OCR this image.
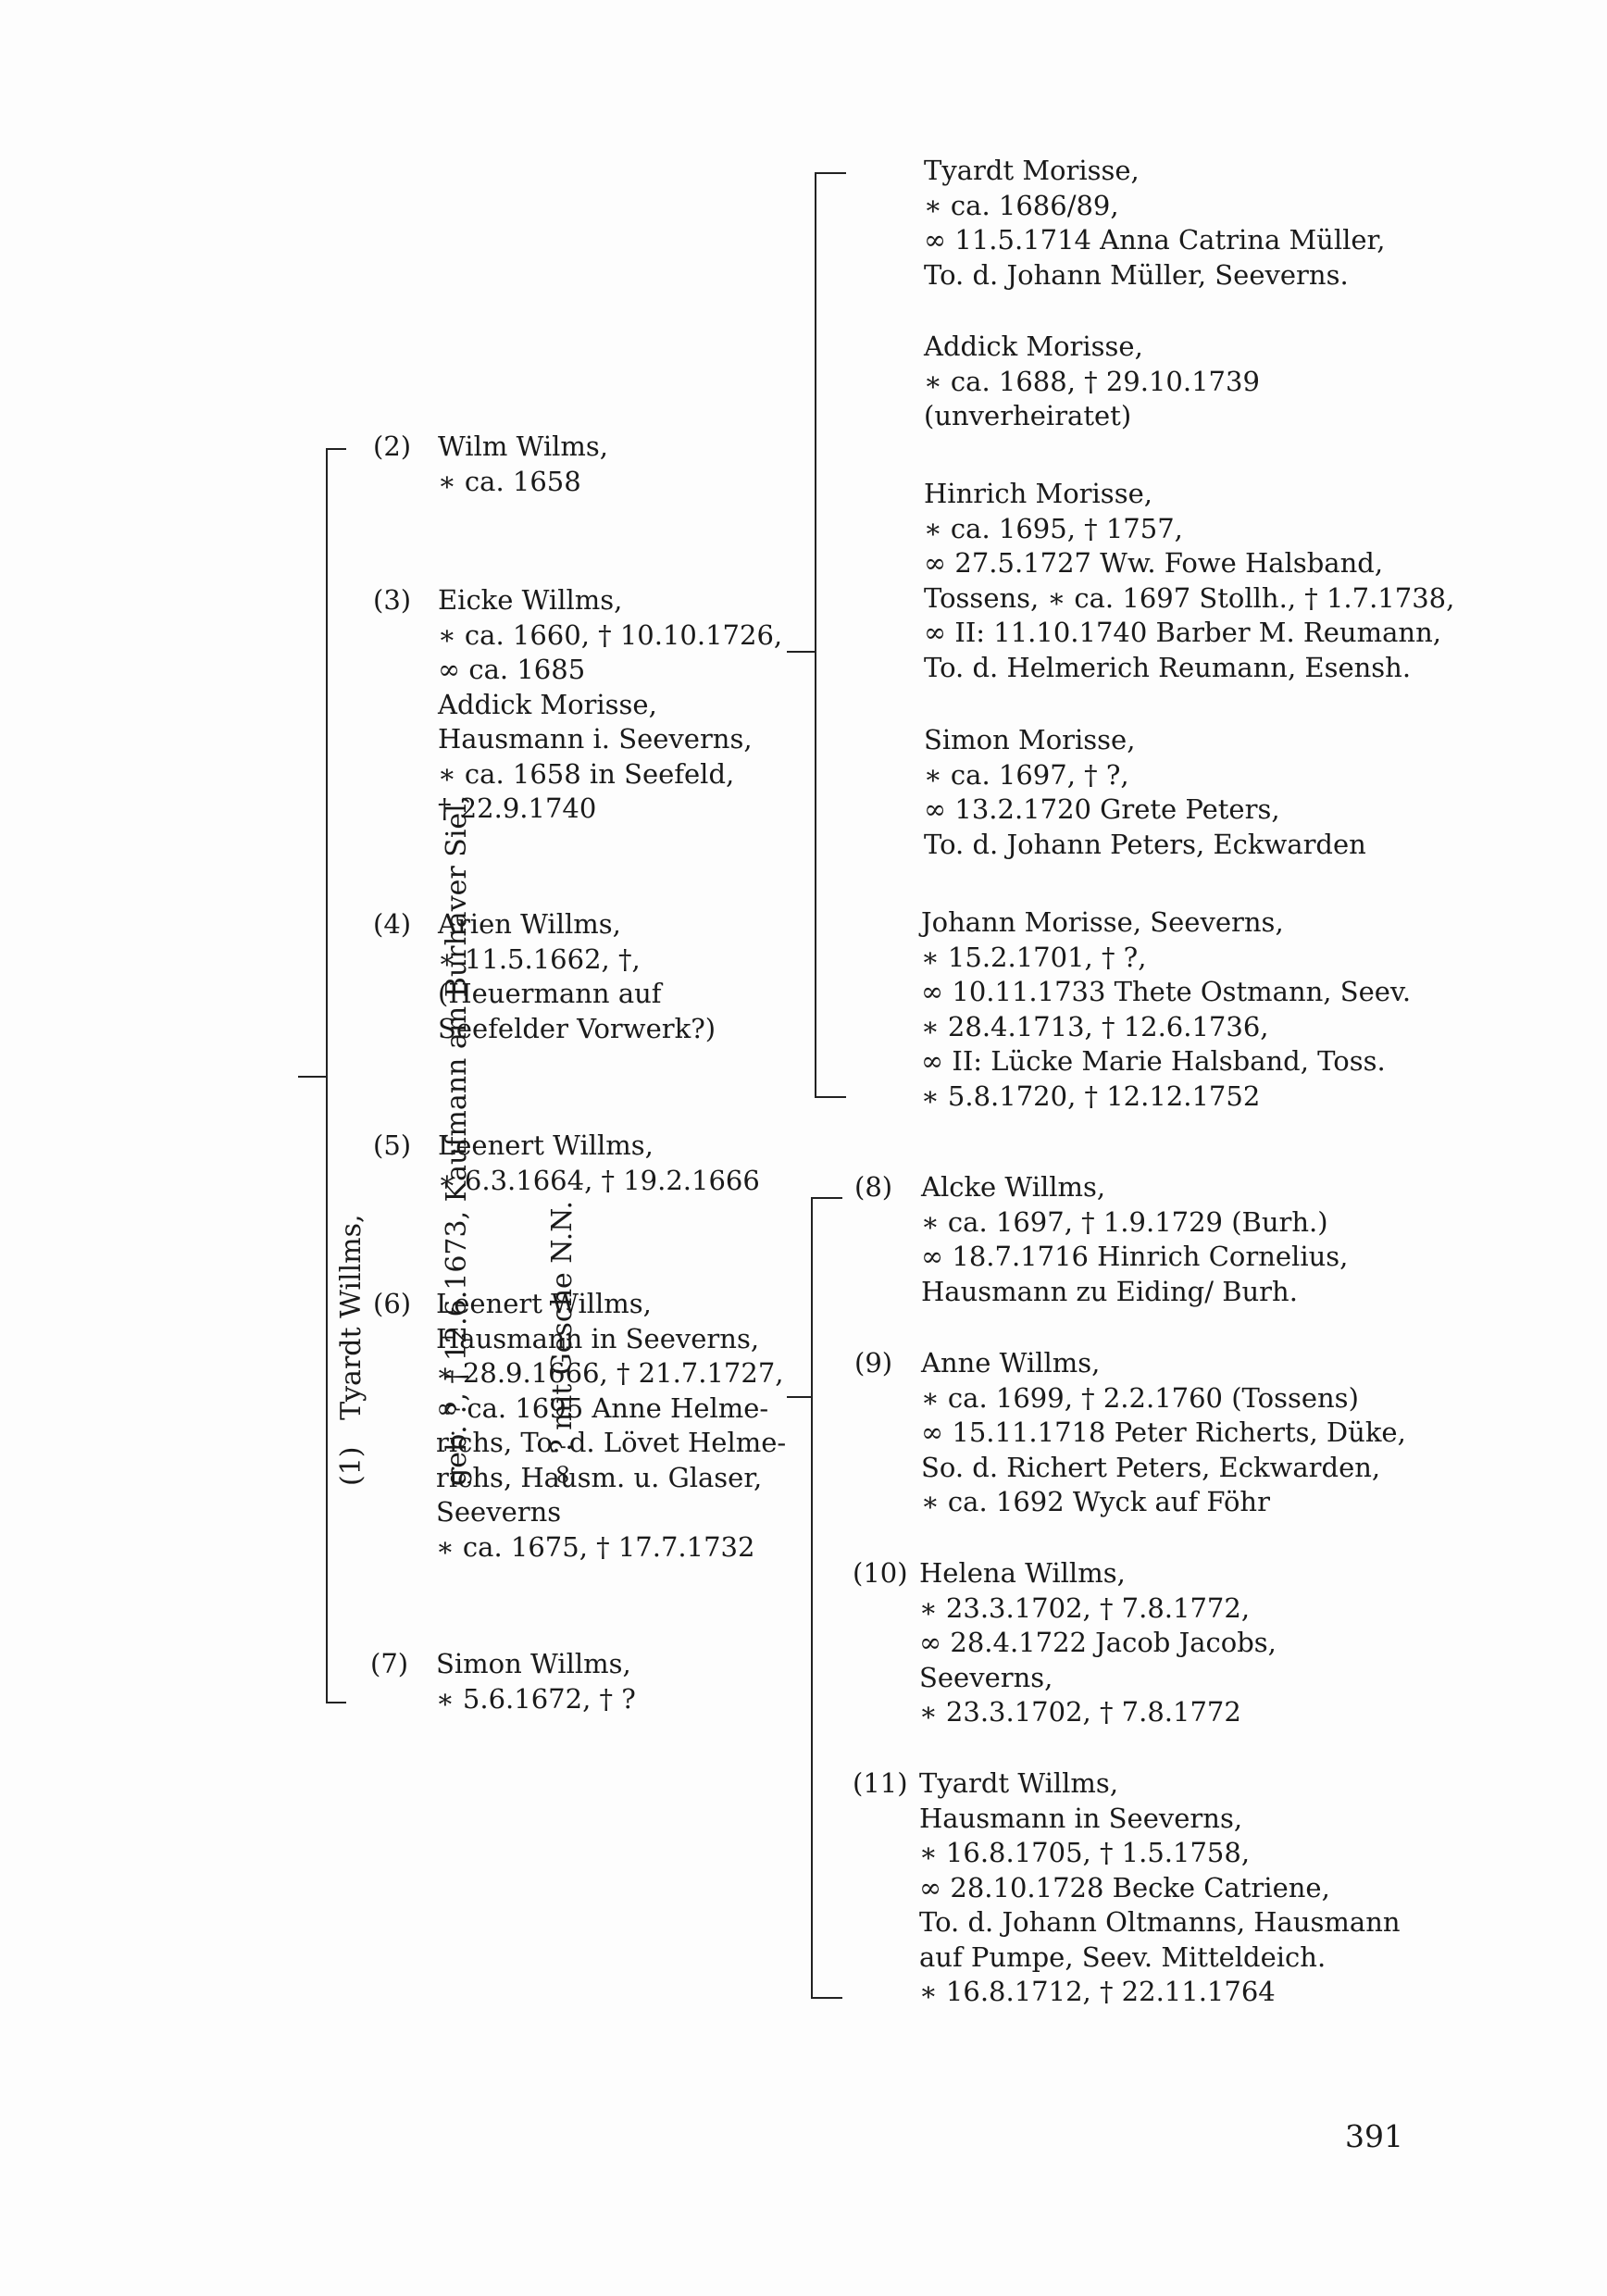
(1)   Tyardt Willms,

	geb. ?, † 12.6.1673, Kaufmann am Burhaver Siel,

	∞ ? mit Gesche N.N.

(2) Wilm Wilms,
∗ ca. 1658
(3) Eicke Willms,
∗ ca. 1660, † 10.10.1726,
∞ ca. 1685
Addick Morisse,
Hausmann i. Seeverns,
∗ ca. 1658 in Seefeld,
† 22.9.1740
(4) Arien Willms,
∗ 11.5.1662, †,
(Heuermann auf
Seefelder Vorwerk?)
(5) Leenert Willms,
∗ 6.3.1664, † 19.2.1666
(6) Leenert Willms,
Hausmann in Seeverns,
∗ 28.9.1666, † 21.7.1727,
∞ ca. 1695 Anne Helme-
richs, To. d. Lövet Helme-
richs, Hausm. u. Glaser,
Seeverns
∗ ca. 1675, † 17.7.1732
(7) Simon Willms,
∗ 5.6.1672, † ?
Tyardt Morisse,
∗ ca. 1686/89,
∞ 11.5.1714 Anna Catrina Müller,
To. d. Johann Müller, Seeverns.
Addick Morisse,
∗ ca. 1688, † 29.10.1739
(unverheiratet)
Hinrich Morisse,
∗ ca. 1695, † 1757,
∞ 27.5.1727 Ww. Fowe Halsband,
Tossens, ∗ ca. 1697 Stollh., † 1.7.1738,
∞ II: 11.10.1740 Barber M. Reumann,
To. d. Helmerich Reumann, Esensh.
Simon Morisse,
∗ ca. 1697, † ?,
∞ 13.2.1720 Grete Peters,
To. d. Johann Peters, Eckwarden
Johann Morisse, Seeverns,
∗ 15.2.1701, † ?,
∞ 10.11.1733 Thete Ostmann, Seev.
∗ 28.4.1713, † 12.6.1736,
∞ II: Lücke Marie Halsband, Toss.
∗ 5.8.1720, † 12.12.1752
(8) Alcke Willms,
∗ ca. 1697, † 1.9.1729 (Burh.)
∞ 18.7.1716 Hinrich Cornelius,
Hausmann zu Eiding/ Burh.
(9) Anne Willms,
∗ ca. 1699, † 2.2.1760 (Tossens)
∞ 15.11.1718 Peter Richerts, Düke,
So. d. Richert Peters, Eckwarden,
∗ ca. 1692 Wyck auf Föhr
(10) Helena Willms,
∗ 23.3.1702, † 7.8.1772,
∞ 28.4.1722 Jacob Jacobs,
Seeverns,
∗ 23.3.1702, † 7.8.1772
(11) Tyardt Willms,
Hausmann in Seeverns,
∗ 16.8.1705, † 1.5.1758,
∞ 28.10.1728 Becke Catriene,
To. d. Johann Oltmanns, Hausmann
auf Pumpe, Seev. Mitteldeich.
∗ 16.8.1712, † 22.11.1764
391
